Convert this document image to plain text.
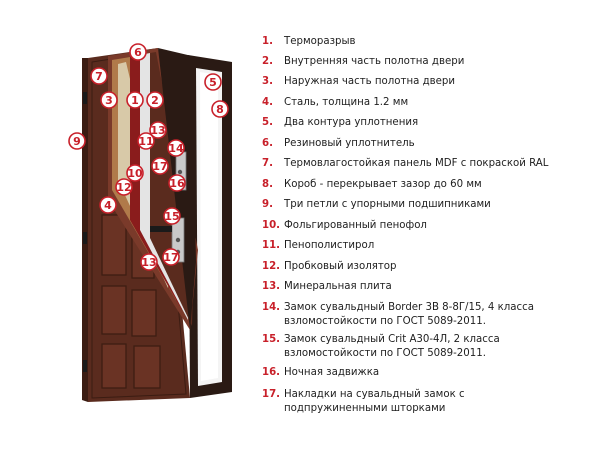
6
7
3 1 2
5
8
9	11
13
14
17
10
16
12
4
15
13 17
1.	Терморазрыв
2.	Внутренняя часть полотна двери
3.	Наружная часть полотна двери
4.	Сталь, толщина 1.2 мм
5.	Два контура уплотнения
6.	Резиновый уплотнитель
7.	Термовлагостойкая панель MDF с покраской RAL
8.	Короб - перекрывает зазор до 60 мм
9.	Три петли с упорными подшипниками
10. Фольгированный пенофол
11. Пенополистирол
12. Пробковый изолятор
13. Минеральная плита
14. Замок сувальдный Border 3В 8-8Г/15, 4 класса
взломостойкости по ГОСТ 5089-2011.
15. Замок сувальдный Crit A30-4Л, 2 класса
взломостойкости по ГОСТ 5089-2011.
16. Ночная задвижка
17. Накладки на сувальдный замок с
подпружиненными шторками
